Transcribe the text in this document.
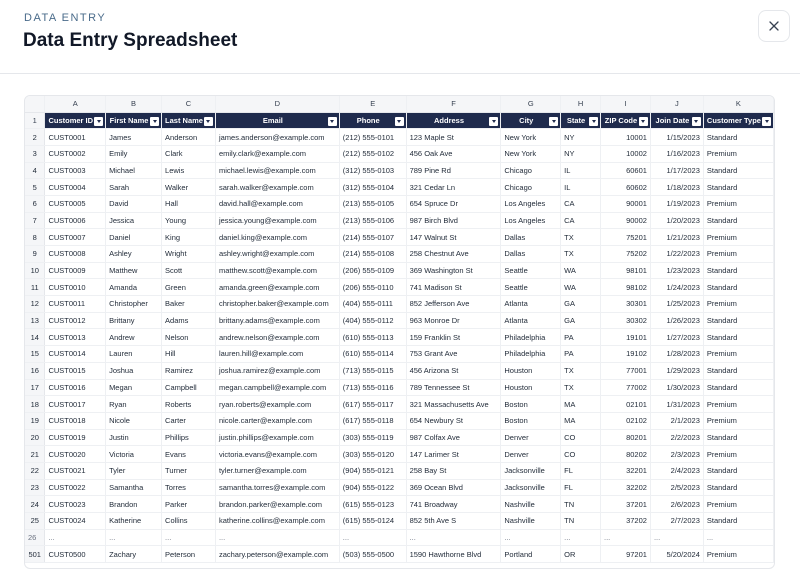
DATA ENTRY
Data Entry Spreadsheet
	A	B	C	D	E	F	G	H	I	J	K
1	Customer ID	First Name	Last Name	Email	Phone	Address	City	State	ZIP Code	Join Date	Customer Type

2	CUST0001	James	Anderson	james.anderson@example.com	(212) 555-0101	123 Maple St	New York	NY	10001	1/15/2023	Standard
3	CUST0002	Emily	Clark	emily.clark@example.com	(212) 555-0102	456 Oak Ave	New York	NY	10002	1/16/2023	Premium
4	CUST0003	Michael	Lewis	michael.lewis@example.com	(312) 555-0103	789 Pine Rd	Chicago	IL	60601	1/17/2023	Standard
5	CUST0004	Sarah	Walker	sarah.walker@example.com	(312) 555-0104	321 Cedar Ln	Chicago	IL	60602	1/18/2023	Standard
6	CUST0005	David	Hall	david.hall@example.com	(213) 555-0105	654 Spruce Dr	Los Angeles	CA	90001	1/19/2023	Premium
7	CUST0006	Jessica	Young	jessica.young@example.com	(213) 555-0106	987 Birch Blvd	Los Angeles	CA	90002	1/20/2023	Standard
8	CUST0007	Daniel	King	daniel.king@example.com	(214) 555-0107	147 Walnut St	Dallas	TX	75201	1/21/2023	Premium
9	CUST0008	Ashley	Wright	ashley.wright@example.com	(214) 555-0108	258 Chestnut Ave	Dallas	TX	75202	1/22/2023	Premium
10	CUST0009	Matthew	Scott	matthew.scott@example.com	(206) 555-0109	369 Washington St	Seattle	WA	98101	1/23/2023	Standard
11	CUST0010	Amanda	Green	amanda.green@example.com	(206) 555-0110	741 Madison St	Seattle	WA	98102	1/24/2023	Standard
12	CUST0011	Christopher	Baker	christopher.baker@example.com	(404) 555-0111	852 Jefferson Ave	Atlanta	GA	30301	1/25/2023	Premium
13	CUST0012	Brittany	Adams	brittany.adams@example.com	(404) 555-0112	963 Monroe Dr	Atlanta	GA	30302	1/26/2023	Standard
14	CUST0013	Andrew	Nelson	andrew.nelson@example.com	(610) 555-0113	159 Franklin St	Philadelphia	PA	19101	1/27/2023	Standard
15	CUST0014	Lauren	Hill	lauren.hill@example.com	(610) 555-0114	753 Grant Ave	Philadelphia	PA	19102	1/28/2023	Premium
16	CUST0015	Joshua	Ramirez	joshua.ramirez@example.com	(713) 555-0115	456 Arizona St	Houston	TX	77001	1/29/2023	Standard
17	CUST0016	Megan	Campbell	megan.campbell@example.com	(713) 555-0116	789 Tennessee St	Houston	TX	77002	1/30/2023	Standard
18	CUST0017	Ryan	Roberts	ryan.roberts@example.com	(617) 555-0117	321 Massachusetts Ave	Boston	MA	02101	1/31/2023	Premium
19	CUST0018	Nicole	Carter	nicole.carter@example.com	(617) 555-0118	654 Newbury St	Boston	MA	02102	2/1/2023	Premium
20	CUST0019	Justin	Phillips	justin.phillips@example.com	(303) 555-0119	987 Colfax Ave	Denver	CO	80201	2/2/2023	Standard
21	CUST0020	Victoria	Evans	victoria.evans@example.com	(303) 555-0120	147 Larimer St	Denver	CO	80202	2/3/2023	Premium
22	CUST0021	Tyler	Turner	tyler.turner@example.com	(904) 555-0121	258 Bay St	Jacksonville	FL	32201	2/4/2023	Standard
23	CUST0022	Samantha	Torres	samantha.torres@example.com	(904) 555-0122	369 Ocean Blvd	Jacksonville	FL	32202	2/5/2023	Standard
24	CUST0023	Brandon	Parker	brandon.parker@example.com	(615) 555-0123	741 Broadway	Nashville	TN	37201	2/6/2023	Premium
25	CUST0024	Katherine	Collins	katherine.collins@example.com	(615) 555-0124	852 5th Ave S	Nashville	TN	37202	2/7/2023	Standard
26	...	...	...	...	...	...	...	...	...	...	...
501	CUST0500	Zachary	Peterson	zachary.peterson@example.com	(503) 555-0500	1590 Hawthorne Blvd	Portland	OR	97201	5/20/2024	Premium
